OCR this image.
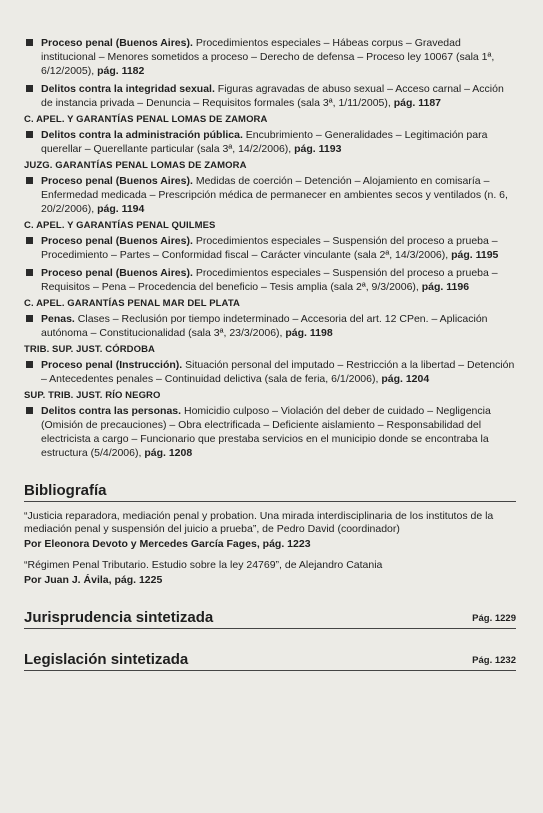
Proceso penal (Buenos Aires). Procedimientos especiales – Hábeas corpus – Gravedad institucional – Menores sometidos a proceso – Derecho de defensa – Proceso ley 10067 (sala 1ª, 6/12/2005), pág. 1182
Delitos contra la integridad sexual. Figuras agravadas de abuso sexual – Acceso carnal – Acción de instancia privada – Denuncia – Requisitos formales (sala 3ª, 1/11/2005), pág. 1187
C. APEL. Y GARANTÍAS PENAL LOMAS DE ZAMORA
Delitos contra la administración pública. Encubrimiento – Generalidades – Legitimación para querellar – Querellante particular (sala 3ª, 14/2/2006), pág. 1193
JUZG. GARANTÍAS PENAL LOMAS DE ZAMORA
Proceso penal (Buenos Aires). Medidas de coerción – Detención – Alojamiento en comisaría – Enfermedad medicada – Prescripción médica de permanecer en ambientes secos y ventilados (n. 6, 20/2/2006), pág. 1194
C. APEL. Y GARANTÍAS PENAL QUILMES
Proceso penal (Buenos Aires). Procedimientos especiales – Suspensión del proceso a prueba – Procedimiento – Partes – Conformidad fiscal – Carácter vinculante (sala 2ª, 14/3/2006), pág. 1195
Proceso penal (Buenos Aires). Procedimientos especiales – Suspensión del proceso a prueba – Requisitos – Pena – Procedencia del beneficio – Tesis amplia (sala 2ª, 9/3/2006), pág. 1196
C. APEL. GARANTÍAS PENAL MAR DEL PLATA
Penas. Clases – Reclusión por tiempo indeterminado – Accesoria del art. 12 CPen. – Aplicación autónoma – Constitucionalidad (sala 3ª, 23/3/2006), pág. 1198
TRIB. SUP. JUST. CÓRDOBA
Proceso penal (Instrucción). Situación personal del imputado – Restricción a la libertad – Detención – Antecedentes penales – Continuidad delictiva (sala de feria, 6/1/2006), pág. 1204
SUP. TRIB. JUST. RÍO NEGRO
Delitos contra las personas. Homicidio culposo – Violación del deber de cuidado – Negligencia (Omisión de precauciones) – Obra electrificada – Deficiente aislamiento – Responsabilidad del electricista a cargo – Funcionario que prestaba servicios en el municipio donde se encontraba la estructura (5/4/2006), pág. 1208
Bibliografía
“Justicia reparadora, mediación penal y probation. Una mirada interdisciplinaria de los institutos de la mediación penal y suspensión del juicio a prueba”, de Pedro David (coordinador)
Por Eleonora Devoto y Mercedes García Fages, pág. 1223
“Régimen Penal Tributario. Estudio sobre la ley 24769”, de Alejandro Catania
Por Juan J. Ávila, pág. 1225
Jurisprudencia sintetizada	Pág. 1229
Legislación sintetizada	Pág. 1232
